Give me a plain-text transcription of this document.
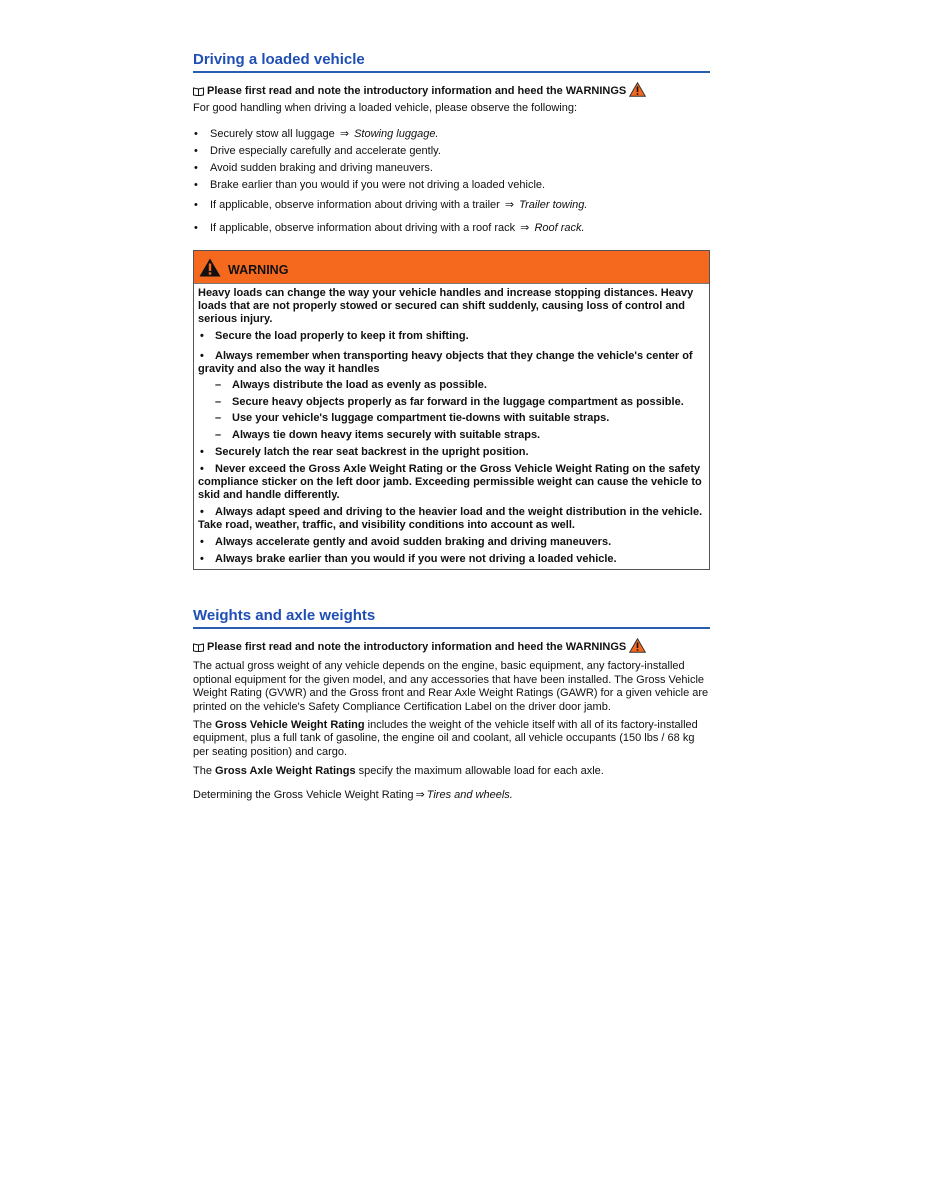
Driving a loaded vehicle
Please first read and note the introductory information and heed the WARNINGS

For good handling when driving a loaded vehicle, please observe the following:

• Securely stow all luggage ⇒ Stowing luggage.
• Drive especially carefully and accelerate gently.
• Avoid sudden braking and driving maneuvers.
• Brake earlier than you would if you were not driving a loaded vehicle.
• If applicable, observe information about driving with a trailer ⇒ Trailer towing.
• If applicable, observe information about driving with a roof rack ⇒ Roof rack.
WARNING

Heavy loads can change the way your vehicle handles and increase stopping distances. Heavy loads that are not properly stowed or secured can shift suddenly, causing loss of control and serious injury.

• Secure the load properly to keep it from shifting.
• Always remember when transporting heavy objects that they change the vehicle's center of gravity and also the way it handles
– Always distribute the load as evenly as possible.
– Secure heavy objects properly as far forward in the luggage compartment as possible.
– Use your vehicle's luggage compartment tie-downs with suitable straps.
– Always tie down heavy items securely with suitable straps.
• Securely latch the rear seat backrest in the upright position.
• Never exceed the Gross Axle Weight Rating or the Gross Vehicle Weight Rating on the safety compliance sticker on the left door jamb. Exceeding permissible weight can cause the vehicle to skid and handle differently.
• Always adapt speed and driving to the heavier load and the weight distribution in the vehicle. Take road, weather, traffic, and visibility conditions into account as well.
• Always accelerate gently and avoid sudden braking and driving maneuvers.
• Always brake earlier than you would if you were not driving a loaded vehicle.
Weights and axle weights
Please first read and note the introductory information and heed the WARNINGS

The actual gross weight of any vehicle depends on the engine, basic equipment, any factory-installed optional equipment for the given model, and any accessories that have been installed. The Gross Vehicle Weight Rating (GVWR) and the Gross front and Rear Axle Weight Ratings (GAWR) for a given vehicle are printed on the vehicle's Safety Compliance Certification Label on the driver door jamb.

The Gross Vehicle Weight Rating includes the weight of the vehicle itself with all of its factory-installed equipment, plus a full tank of gasoline, the engine oil and coolant, all vehicle occupants (150 lbs / 68 kg per seating position) and cargo.

The Gross Axle Weight Ratings specify the maximum allowable load for each axle.

Determining the Gross Vehicle Weight Rating ⇒ Tires and wheels.
